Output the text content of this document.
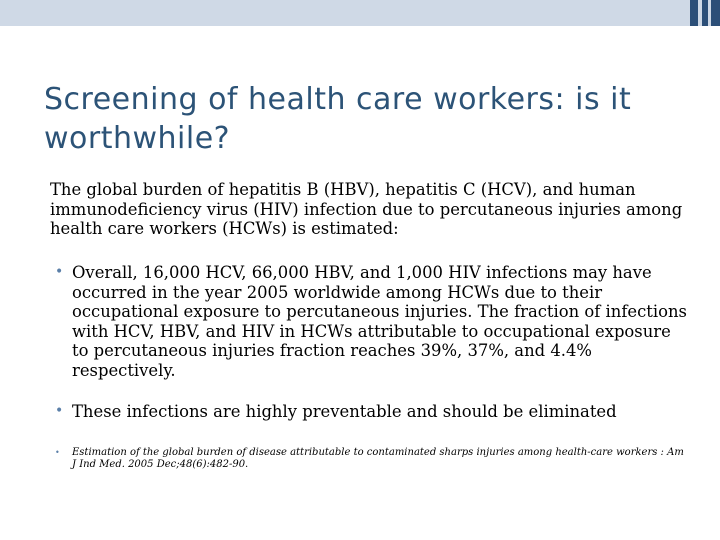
Screening of health care workers: is it worthwhile?

The global burden of hepatitis B (HBV), hepatitis C (HCV), and human immunodeficiency virus (HIV) infection due to percutaneous injuries among health care workers (HCWs) is estimated:

• Overall, 16,000 HCV, 66,000 HBV, and 1,000 HIV infections may have occurred in the year 2005 worldwide among HCWs due to their occupational exposure to percutaneous injuries. The fraction of infections with HCV, HBV, and HIV in HCWs attributable to occupational exposure to percutaneous injuries fraction reaches 39%, 37%, and 4.4% respectively.
• These infections are highly preventable and should be eliminated
• Estimation of the global burden of disease attributable to contaminated sharps injuries among health-care workers : Am J Ind Med. 2005 Dec;48(6):482-90.
